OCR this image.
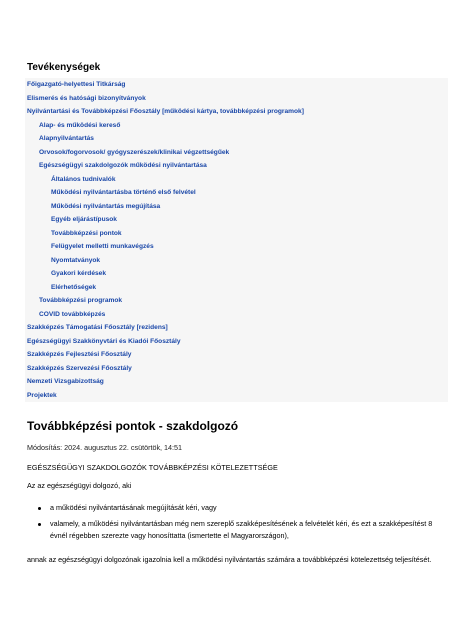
Tevékenységek
Főigazgató-helyettesi Titkárság
Elismerés és hatósági bizonyítványok
Nyilvántartási és Továbbképzési Főosztály [működési kártya, továbbképzési programok]
Alap- és működési kereső
Alapnyilvántartás
Orvosok/fogorvosok/ gyógyszerészek/klinikai végzettségűek
Egészségügyi szakdolgozók működési nyilvántartása
Általános tudnivalók
Működési nyilvántartásba történő első felvétel
Működési nyilvántartás megújítása
Egyéb eljárástípusok
Továbbképzési pontok
Felügyelet melletti munkavégzés
Nyomtatványok
Gyakori kérdések
Elérhetőségek
Továbbképzési programok
COVID továbbképzés
Szakképzés Támogatási Főosztály [rezidens]
Egészségügyi Szakkönyvtári és Kiadói Főosztály
Szakképzés Fejlesztési Főosztály
Szakképzés Szervezési Főosztály
Nemzeti Vizsgabizottság
Projektek
Továbbképzési pontok - szakdolgozó
Módosítás: 2024. augusztus 22. csütörtök, 14:51
EGÉSZSÉGÜGYI SZAKDOLGOZÓK TOVÁBBKÉPZÉSI KÖTELEZETTSÉGE

Az az egészségügyi dolgozó, aki

a működési nyilvántartásának megújítását kéri, vagy
valamely, a működési nyilvántartásban még nem szereplő szakképesítésének a felvételét kéri, és ezt a szakképesítést 8 évnél régebben szerezte vagy honosíttatta (ismertette el Magyarországon),

annak az egészségügyi dolgozónak igazolnia kell a működési nyilvántartás számára a továbbképzési kötelezettség teljesítését.
